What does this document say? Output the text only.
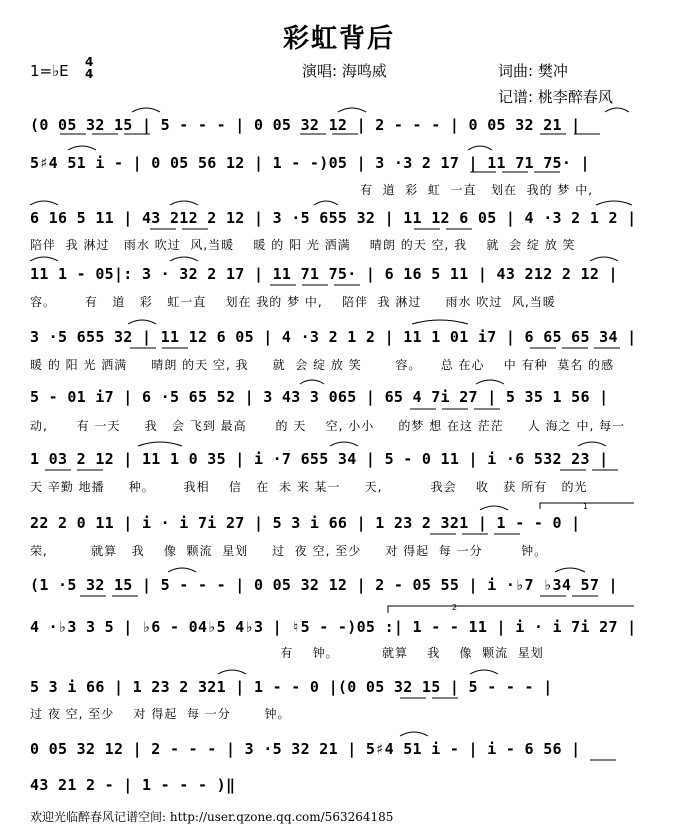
彩虹背后
1=♭E 4
4	演唱: 海鸣威	词曲: 樊冲
记谱: 桃李醉春风
(0 05 32 15 | 5 - - - | 0 05 32 12 | 2 - - - | 0 05 32 21 |
5♯4 51 i - | 0 05 56 12 | 1 - -)05 | 3 ·3 2 17 | 11 71 75· |
有  道  彩  虹  一直   划在  我的 梦 中,
6 16 5 11 | 43 212 2 12 | 3 ·5 655 32 | 11 12 6 05 | 4 ·3 2 1 2 |
陪伴  我 淋过   雨水 吹过  风,当暖    暖 的 阳 光 洒满    晴朗 的天 空, 我    就  会 绽 放 笑
11 1 - 05|: 3 · 32 2 17 | 11 71 75· | 6 16 5 11 | 43 212 2 12 |
容。      有   道   彩   虹一直    划在 我的 梦 中,    陪伴  我 淋过     雨水 吹过  风,当暖
3 ·5 655 32 | 11 12 6 05 | 4 ·3 2 1 2 | 11 1 01 i7 | 6 65 65 34 |
暖 的 阳 光 洒满     晴朗 的天 空, 我     就  会 绽 放 笑       容。    总 在心    中 有种  莫名 的感
5 - 01 i7 | 6 ·5 65 52 | 3 43 3 065 | 65 4 7i 27 | 5 35 1 56 |
动,      有 一天     我   会 飞到 最高      的 天    空, 小小     的梦 想 在这 茫茫     人 海之 中, 每一
1 03 2 12 | 11 1 0 35 | i ·7 655 34 | 5 - 0 11 | i ·6 532 23 |
天 辛勤 地播     种。      我相    信   在  未 来 某一     天,          我会    收   获 所有   的光
22 2 0 11 | i · i 7i 27 | 5 3 i 66 | 1 23 2 321 | 1 - - 0 |
荣,         就算   我    像  颗流  星划     过  夜 空, 至少     对 得起  每 一分        钟。
(1 ·5 32 15 | 5 - - - | 0 05 32 12 | 2 - 05 55 | i ·♭7 ♭34 57 |
4 ·♭3 3 5 | ♭6 - 04♭5 4♭3 | ♮5 - -)05 :| 1 - - 11 | i · i 7i 27 |
有    钟。         就算    我    像  颗流  星划
5 3 i 66 | 1 23 2 321 | 1 - - 0 |(0 05 32 15 | 5 - - - |
过 夜 空, 至少    对 得起  每 一分       钟。
0 05 32 12 | 2 - - - | 3 ·5 32 21 | 5♯4 51 i - | i - 6 56 |
43 21 2 - | 1 - - - )‖
欢迎光临醉春风记谱空间: http://user.qzone.qq.com/563264185
1
2
